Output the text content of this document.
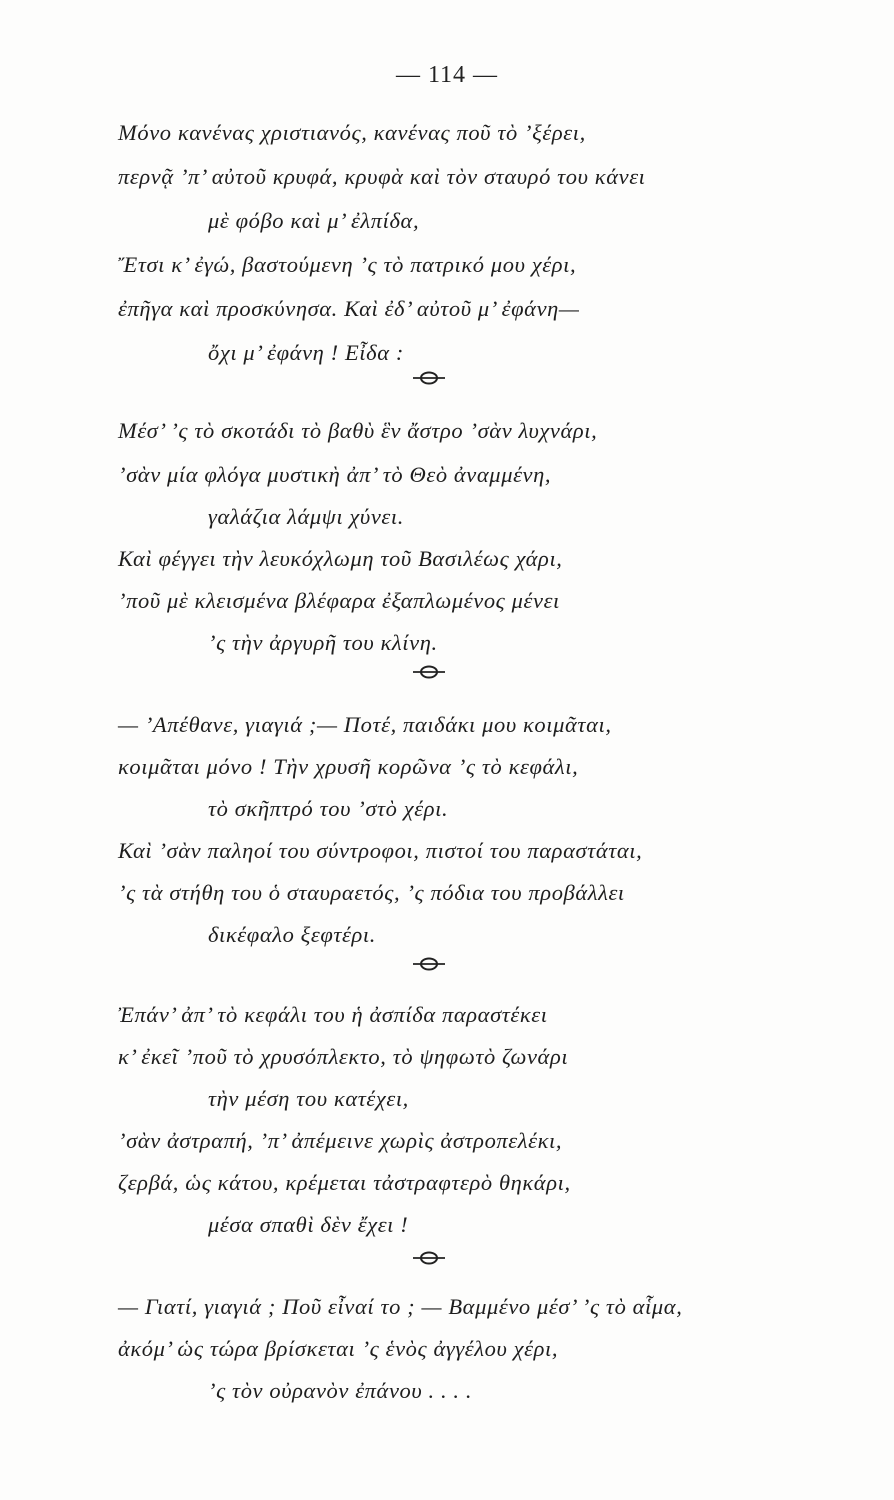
— 114 —
Μόνο κανένας χριστιανός, κανένας ποῦ τὸ ’ξέρει,
περνᾷ ’π’ αὐτοῦ κρυφά, κρυφὰ καὶ τὸν σταυρό του κάνει
μὲ φόβο καὶ μ’ ἐλπίδα,
Ἔτσι κ’ ἐγώ, βαστούμενη ’ς τὸ πατρικό μου χέρι,
ἐπῆγα καὶ προσκύνησα. Καὶ ἐδ’ αὐτοῦ μ’ ἐφάνη—
ὄχι μ’ ἐφάνη ! Εἶδα :
Μέσ’ ’ς τὸ σκοτάδι τὸ βαθὺ ἓν ἄστρο ’σὰν λυχνάρι,
’σὰν μία φλόγα μυστικὴ ἀπ’ τὸ Θεὸ ἀναμμένη,
γαλάζια λάμψι χύνει.
Καὶ φέγγει τὴν λευκόχλωμη τοῦ Βασιλέως χάρι,
’ποῦ μὲ κλεισμένα βλέφαρα ἐξαπλωμένος μένει
’ς τὴν ἀργυρῆ του κλίνη.
— ’Απέθανε, γιαγιά ;— Ποτέ, παιδάκι μου κοιμᾶται,
κοιμᾶται μόνο ! Τὴν χρυσῆ κορῶνα ’ς τὸ κεφάλι,
τὸ σκῆπτρό του ’στὸ χέρι.
Καὶ ’σὰν παληοί του σύντροφοι, πιστοί του παραστάται,
’ς τὰ στήθη του ὁ σταυραετός, ’ς πόδια του προβάλλει
δικέφαλο ξεφτέρι.
Ἐπάν’ ἀπ’ τὸ κεφάλι του ἡ ἀσπίδα παραστέκει
κ’ ἐκεῖ ’ποῦ τὸ χρυσόπλεκτο, τὸ ψηφωτὸ ζωνάρι
τὴν μέση του κατέχει,
’σὰν ἀστραπή, ’π’ ἀπέμεινε χωρὶς ἀστροπελέκι,
ζερβά, ὡς κάτου, κρέμεται τἀστραφτερὸ θηκάρι,
μέσα σπαθὶ δὲν ἔχει !
— Γιατί, γιαγιά ; Ποῦ εἶναί το ; — Βαμμένο μέσ’ ’ς τὸ αἷμα,
ἀκόμ’ ὡς τώρα βρίσκεται ’ς ἑνὸς ἀγγέλου χέρι,
’ς τὸν οὐρανὸν ἐπάνου . . . .
